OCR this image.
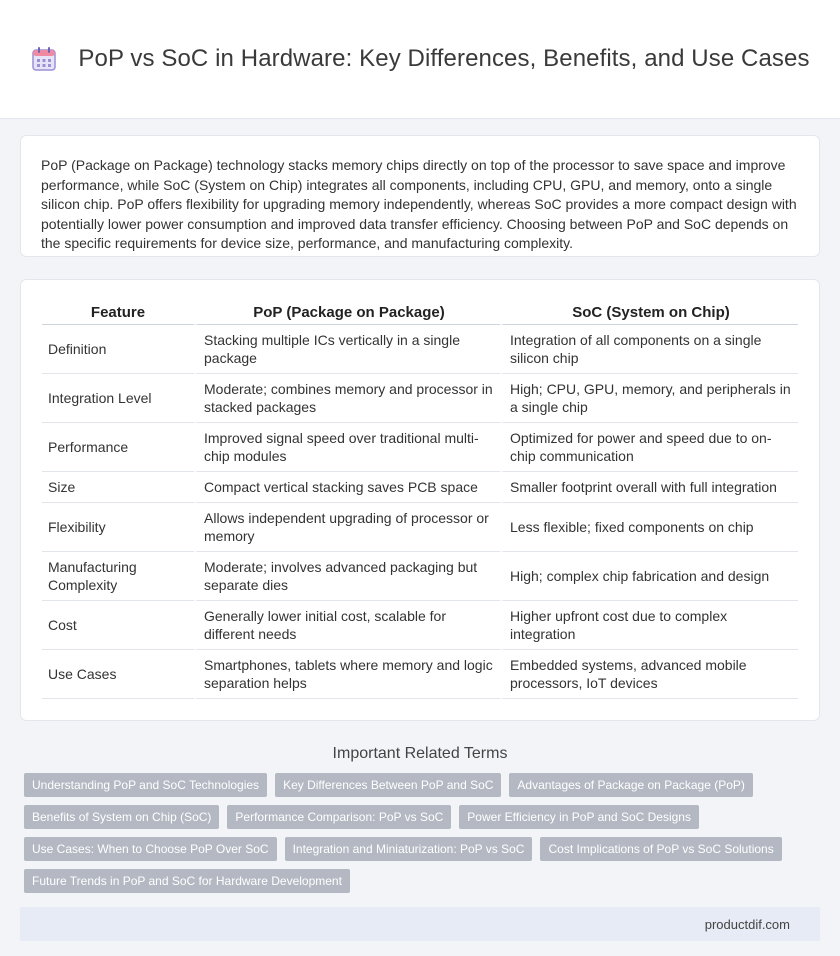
PoP vs SoC in Hardware: Key Differences, Benefits, and Use Cases

PoP (Package on Package) technology stacks memory chips directly on top of the processor to save space and improve performance, while SoC (System on Chip) integrates all components, including CPU, GPU, and memory, onto a single silicon chip. PoP offers flexibility for upgrading memory independently, whereas SoC provides a more compact design with potentially lower power consumption and improved data transfer efficiency. Choosing between PoP and SoC depends on the specific requirements for device size, performance, and manufacturing complexity.

Feature	PoP (Package on Package)	SoC (System on Chip)
Definition	Stacking multiple ICs vertically in a single package	Integration of all components on a single silicon chip
Integration Level	Moderate; combines memory and processor in stacked packages	High; CPU, GPU, memory, and peripherals in a single chip
Performance	Improved signal speed over traditional multi-chip modules	Optimized for power and speed due to on-chip communication
Size	Compact vertical stacking saves PCB space	Smaller footprint overall with full integration
Flexibility	Allows independent upgrading of processor or memory	Less flexible; fixed components on chip
Manufacturing Complexity	Moderate; involves advanced packaging but separate dies	High; complex chip fabrication and design
Cost	Generally lower initial cost, scalable for different needs	Higher upfront cost due to complex integration
Use Cases	Smartphones, tablets where memory and logic separation helps	Embedded systems, advanced mobile processors, IoT devices
Important Related Terms
Understanding PoP and SoC Technologies	Key Differences Between PoP and SoC	Advantages of Package on Package (PoP)
Benefits of System on Chip (SoC)	Performance Comparison: PoP vs SoC	Power Efficiency in PoP and SoC Designs
Use Cases: When to Choose PoP Over SoC	Integration and Miniaturization: PoP vs SoC	Cost Implications of PoP vs SoC Solutions
Future Trends in PoP and SoC for Hardware Development
productdif.com
